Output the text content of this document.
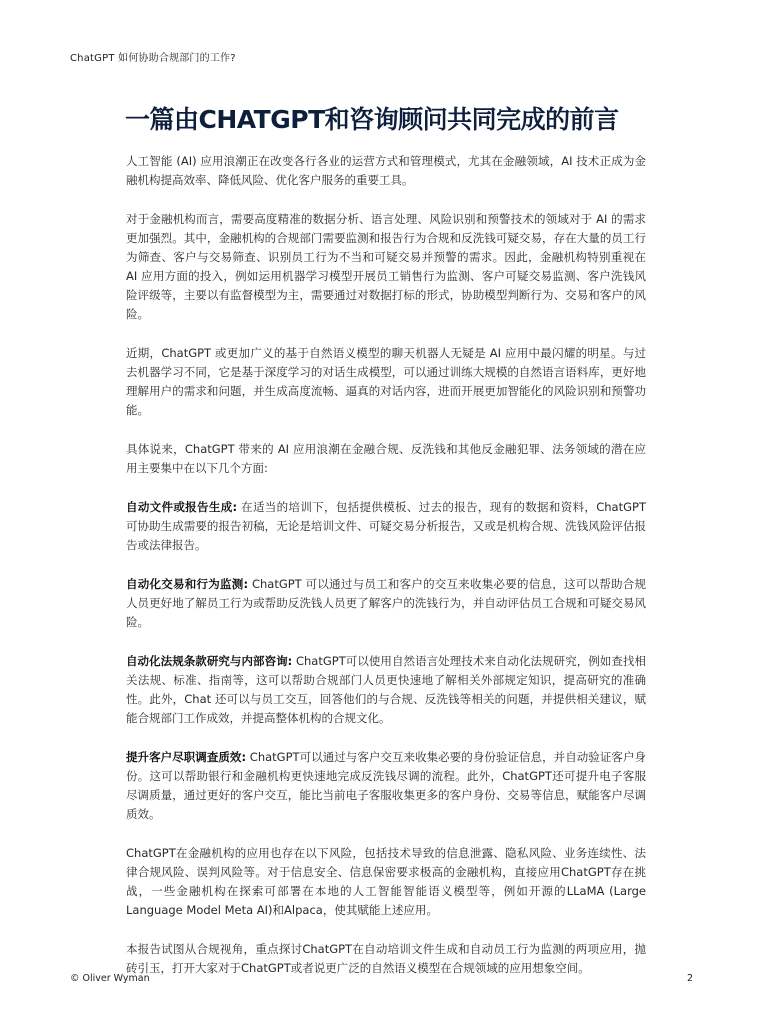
ChatGPT 如何协助合规部门的工作?
一篇由CHATGPT和咨询顾问共同完成的前言

人工智能 (AI) 应用浪潮正在改变各行各业的运营方式和管理模式，尤其在金融领域，AI 技术正成为金融机构提高效率、降低风险、优化客户服务的重要工具。

对于金融机构而言，需要高度精准的数据分析、语言处理、风险识别和预警技术的领域对于 AI 的需求更加强烈。其中，金融机构的合规部门需要监测和报告行为合规和反洗钱可疑交易，存在大量的员工行为筛查、客户与交易筛查、识别员工行为不当和可疑交易并预警的需求。因此，金融机构特别重视在 AI 应用方面的投入，例如运用机器学习模型开展员工销售行为监测、客户可疑交易监测、客户洗钱风险评级等，主要以有监督模型为主，需要通过对数据打标的形式，协助模型判断行为、交易和客户的风险。

近期，ChatGPT 或更加广义的基于自然语义模型的聊天机器人无疑是 AI 应用中最闪耀的明星。与过去机器学习不同，它是基于深度学习的对话生成模型，可以通过训练大规模的自然语言语料库，更好地理解用户的需求和问题，并生成高度流畅、逼真的对话内容，进而开展更加智能化的风险识别和预警功能。

具体说来，ChatGPT 带来的 AI 应用浪潮在金融合规、反洗钱和其他反金融犯罪、法务领域的潜在应用主要集中在以下几个方面:

自动文件或报告生成: 在适当的培训下，包括提供模板、过去的报告，现有的数据和资料，ChatGPT 可协助生成需要的报告初稿，无论是培训文件、可疑交易分析报告，又或是机构合规、洗钱风险评估报告或法律报告。

自动化交易和行为监测: ChatGPT 可以通过与员工和客户的交互来收集必要的信息，这可以帮助合规人员更好地了解员工行为或帮助反洗钱人员更了解客户的洗钱行为，并自动评估员工合规和可疑交易风险。

自动化法规条款研究与内部咨询: ChatGPT可以使用自然语言处理技术来自动化法规研究，例如查找相关法规、标准、指南等，这可以帮助合规部门人员更快速地了解相关外部规定知识，提高研究的准确性。此外，Chat 还可以与员工交互，回答他们的与合规、反洗钱等相关的问题，并提供相关建议，赋能合规部门工作成效，并提高整体机构的合规文化。

提升客户尽职调查质效: ChatGPT可以通过与客户交互来收集必要的身份验证信息，并自动验证客户身份。这可以帮助银行和金融机构更快速地完成反洗钱尽调的流程。此外，ChatGPT还可提升电子客服尽调质量，通过更好的客户交互，能比当前电子客服收集更多的客户身份、交易等信息，赋能客户尽调质效。

ChatGPT在金融机构的应用也存在以下风险，包括技术导致的信息泄露、隐私风险、业务连续性、法律合规风险、误判风险等。对于信息安全、信息保密要求极高的金融机构，直接应用ChatGPT存在挑战，一些金融机构在探索可部署在本地的人工智能智能语义模型等，例如开源的LLaMA (Large Language Model Meta AI)和Alpaca，使其赋能上述应用。

本报告试图从合规视角，重点探讨ChatGPT在自动培训文件生成和自动员工行为监测的两项应用，抛砖引玉，打开大家对于ChatGPT或者说更广泛的自然语义模型在合规领域的应用想象空间。

© Oliver Wyman	2
